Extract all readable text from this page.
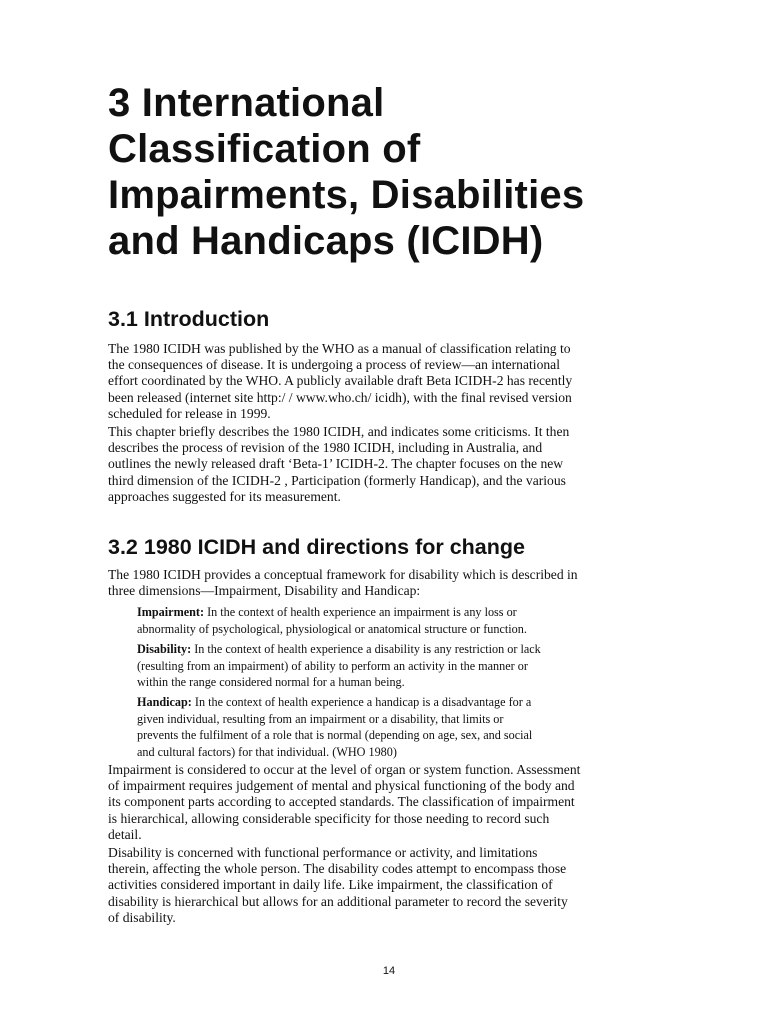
3 International
Classification of
Impairments, Disabilities
and Handicaps (ICIDH)
3.1 Introduction

The 1980 ICIDH was published by the WHO as a manual of classification relating to
the consequences of disease. It is undergoing a process of review—an international
effort coordinated by the WHO. A publicly available draft Beta ICIDH-2 has recently
been released (internet site http:/ / www.who.ch/ icidh), with the final revised version
scheduled for release in 1999.

This chapter briefly describes the 1980 ICIDH, and indicates some criticisms. It then
describes the process of revision of the 1980 ICIDH, including in Australia, and
outlines the newly released draft ‘Beta-1’ ICIDH-2. The chapter focuses on the new
third dimension of the ICIDH-2 , Participation (formerly Handicap), and the various
approaches suggested for its measurement.

3.2 1980 ICIDH and directions for change

The 1980 ICIDH provides a conceptual framework for disability which is described in
three dimensions—Impairment, Disability and Handicap:

Impairment: In the context of health experience an impairment is any loss or
abnormality of psychological, physiological or anatomical structure or function.
Disability: In the context of health experience a disability is any restriction or lack
(resulting from an impairment) of ability to perform an activity in the manner or
within the range considered normal for a human being.
Handicap: In the context of health experience a handicap is a disadvantage for a
given individual, resulting from an impairment or a disability, that limits or
prevents the fulfilment of a role that is normal (depending on age, sex, and social
and cultural factors) for that individual. (WHO 1980)

Impairment is considered to occur at the level of organ or system function. Assessment
of impairment requires judgement of mental and physical functioning of the body and
its component parts according to accepted standards. The classification of impairment
is hierarchical, allowing considerable specificity for those needing to record such
detail.

Disability is concerned with functional performance or activity, and limitations
therein, affecting the whole person. The disability codes attempt to encompass those
activities considered important in daily life. Like impairment, the classification of
disability is hierarchical but allows for an additional parameter to record the severity
of disability.

14
